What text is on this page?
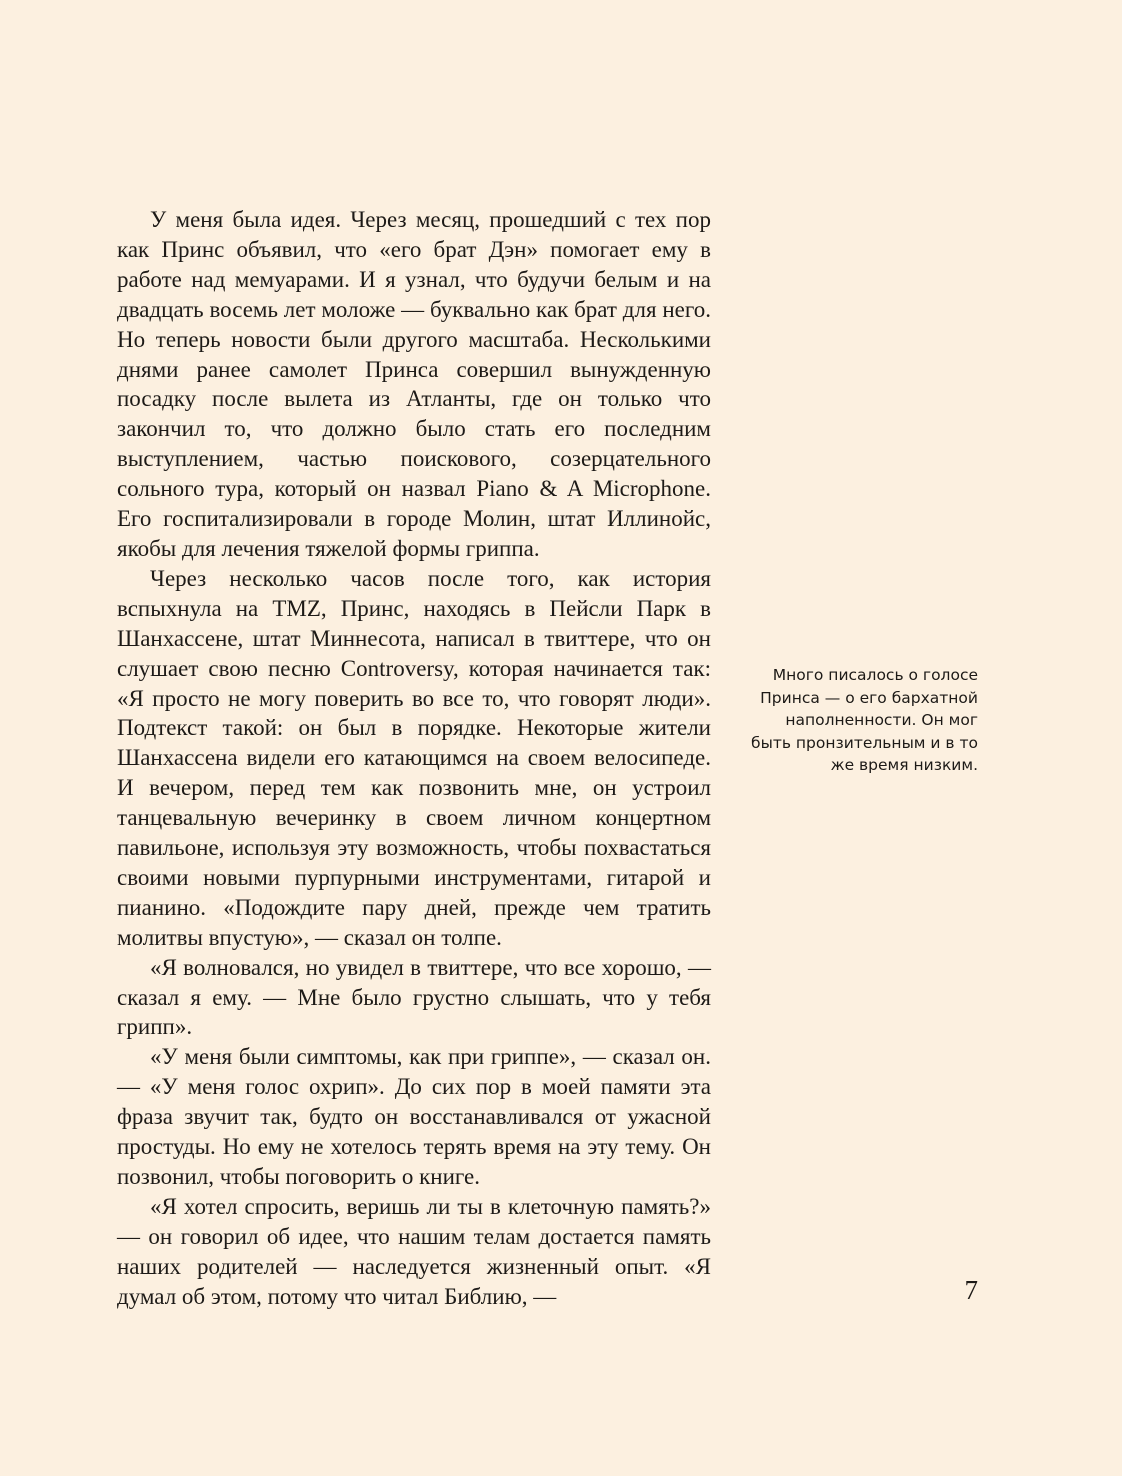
У меня была идея. Через месяц, прошедший с тех пор как Принс объявил, что «его брат Дэн» помогает ему в работе над мемуарами. И я узнал, что будучи белым и на двадцать восемь лет моложе — буквально как брат для него. Но теперь новости были другого масштаба. Несколькими днями ранее самолет Принса совершил вынужденную посадку после вылета из Атланты, где он только что закончил то, что должно было стать его последним выступлением, частью поискового, созерцательного сольного тура, который он назвал Piano & A Microphone. Его госпитализировали в городе Молин, штат Иллинойс, якобы для лечения тяжелой формы гриппа.

Через несколько часов после того, как история вспыхнула на TMZ, Принс, находясь в Пейсли Парк в Шанхассене, штат Миннесота, написал в твиттере, что он слушает свою песню Controversy, которая начинается так: «Я просто не могу поверить во все то, что говорят люди». Подтекст такой: он был в порядке. Некоторые жители Шанхассена видели его катающимся на своем велосипеде. И вечером, перед тем как позвонить мне, он устроил танцевальную вечеринку в своем личном концертном павильоне, используя эту возможность, чтобы похвастаться своими новыми пурпурными инструментами, гитарой и пианино. «Подождите пару дней, прежде чем тратить молитвы впустую», — сказал он толпе.

«Я волновался, но увидел в твиттере, что все хорошо, — сказал я ему. — Мне было грустно слышать, что у тебя грипп».

«У меня были симптомы, как при гриппе», — сказал он. — «У меня голос охрип». До сих пор в моей памяти эта фраза звучит так, будто он восстанавливался от ужасной простуды. Но ему не хотелось терять время на эту тему. Он позвонил, чтобы поговорить о книге.

«Я хотел спросить, веришь ли ты в клеточную память?» — он говорил об идее, что нашим телам достается память наших родителей — наследуется жизненный опыт. «Я думал об этом, потому что читал Библию, —

Много писалось о голосе Принса — о его бархатной наполненности. Он мог быть пронзительным и в то же время низким.
7
